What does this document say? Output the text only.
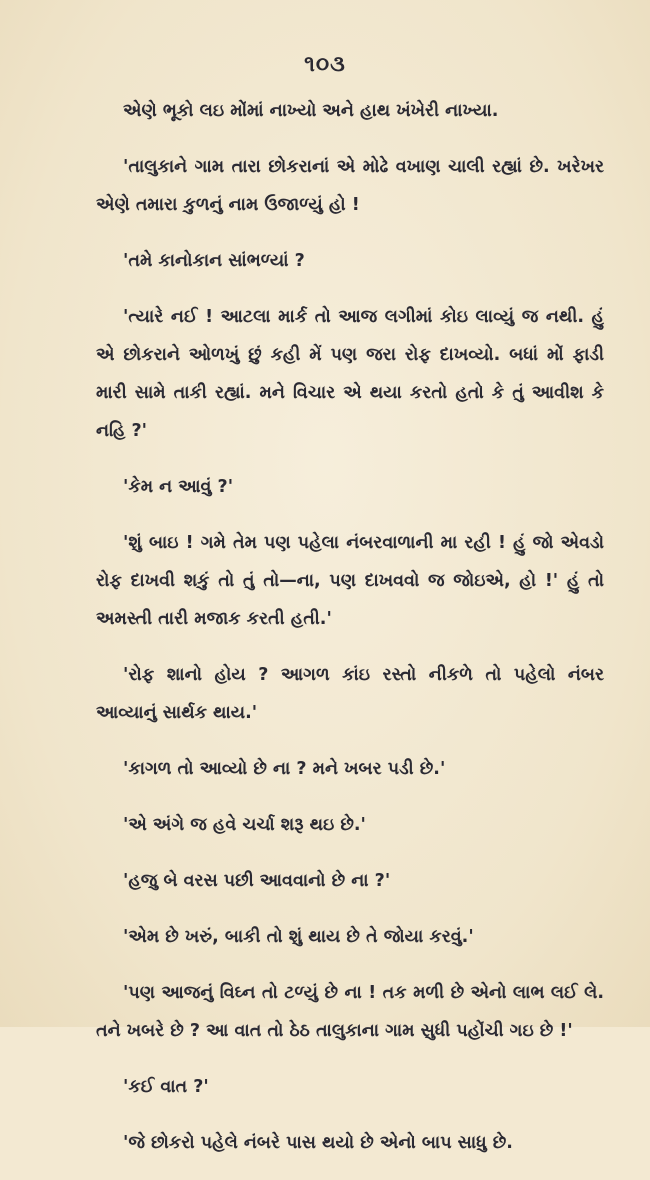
૧૦૩

એણે ભૂકો લઇ મોંમાં નાખ્યો અને હાથ ખંખેરી નાખ્યા.

'તાલુકાને ગામ તારા છોકરાનાં એ મોઢે વખાણ ચાલી રહ્યાં છે. ખરેખર એણે તમારા કુળનું નામ ઉજાળ્યું હો !

'તમે કાનોકાન સાંભળ્યાં ?

'ત્યારે નઈ ! આટલા માર્ક તો આજ લગીમાં કોઇ લાવ્યું જ નથી. હું એ છોકરાને ઓળખું છું કહી મેં પણ જરા રોફ દાખવ્યો. બધાં મોં ફાડી મારી સામે તાકી રહ્યાં. મને વિચાર એ થયા કરતો હતો કે તું આવીશ કે નહિ ?'

'કેમ ન આવું ?'

'શું બાઇ ! ગમે તેમ પણ પહેલા નંબરવાળાની મા રહી ! હું જો એવડો રોફ દાખવી શકું તો તું તો—ના, પણ દાખવવો જ જોઇએ, હો !' હું તો અમસ્તી તારી મજાક કરતી હતી.'

'રોફ શાનો હોય ? આગળ કાંઇ રસ્તો નીકળે તો પહેલો નંબર આવ્યાનું સાર્થક થાય.'

'કાગળ તો આવ્યો છે ના ? મને ખબર પડી છે.'

'એ અંગે જ હવે ચર્ચા શરૂ થઇ છે.'

'હજુ બે વરસ પછી આવવાનો છે ના ?'

'એમ છે ખરું, બાકી તો શું થાય છે તે જોયા કરવું.'

'પણ આજનું વિઘ્ન તો ટળ્યું છે ના ! તક મળી છે એનો લાભ લઈ લે. તને ખબરે છે ? આ વાત તો ઠેઠ તાલુકાના ગામ સુધી પહોંચી ગઇ છે !'

'કઈ વાત ?'

'જે છોકરો પહેલે નંબરે પાસ થયો છે એનો બાપ સાધુ છે.
